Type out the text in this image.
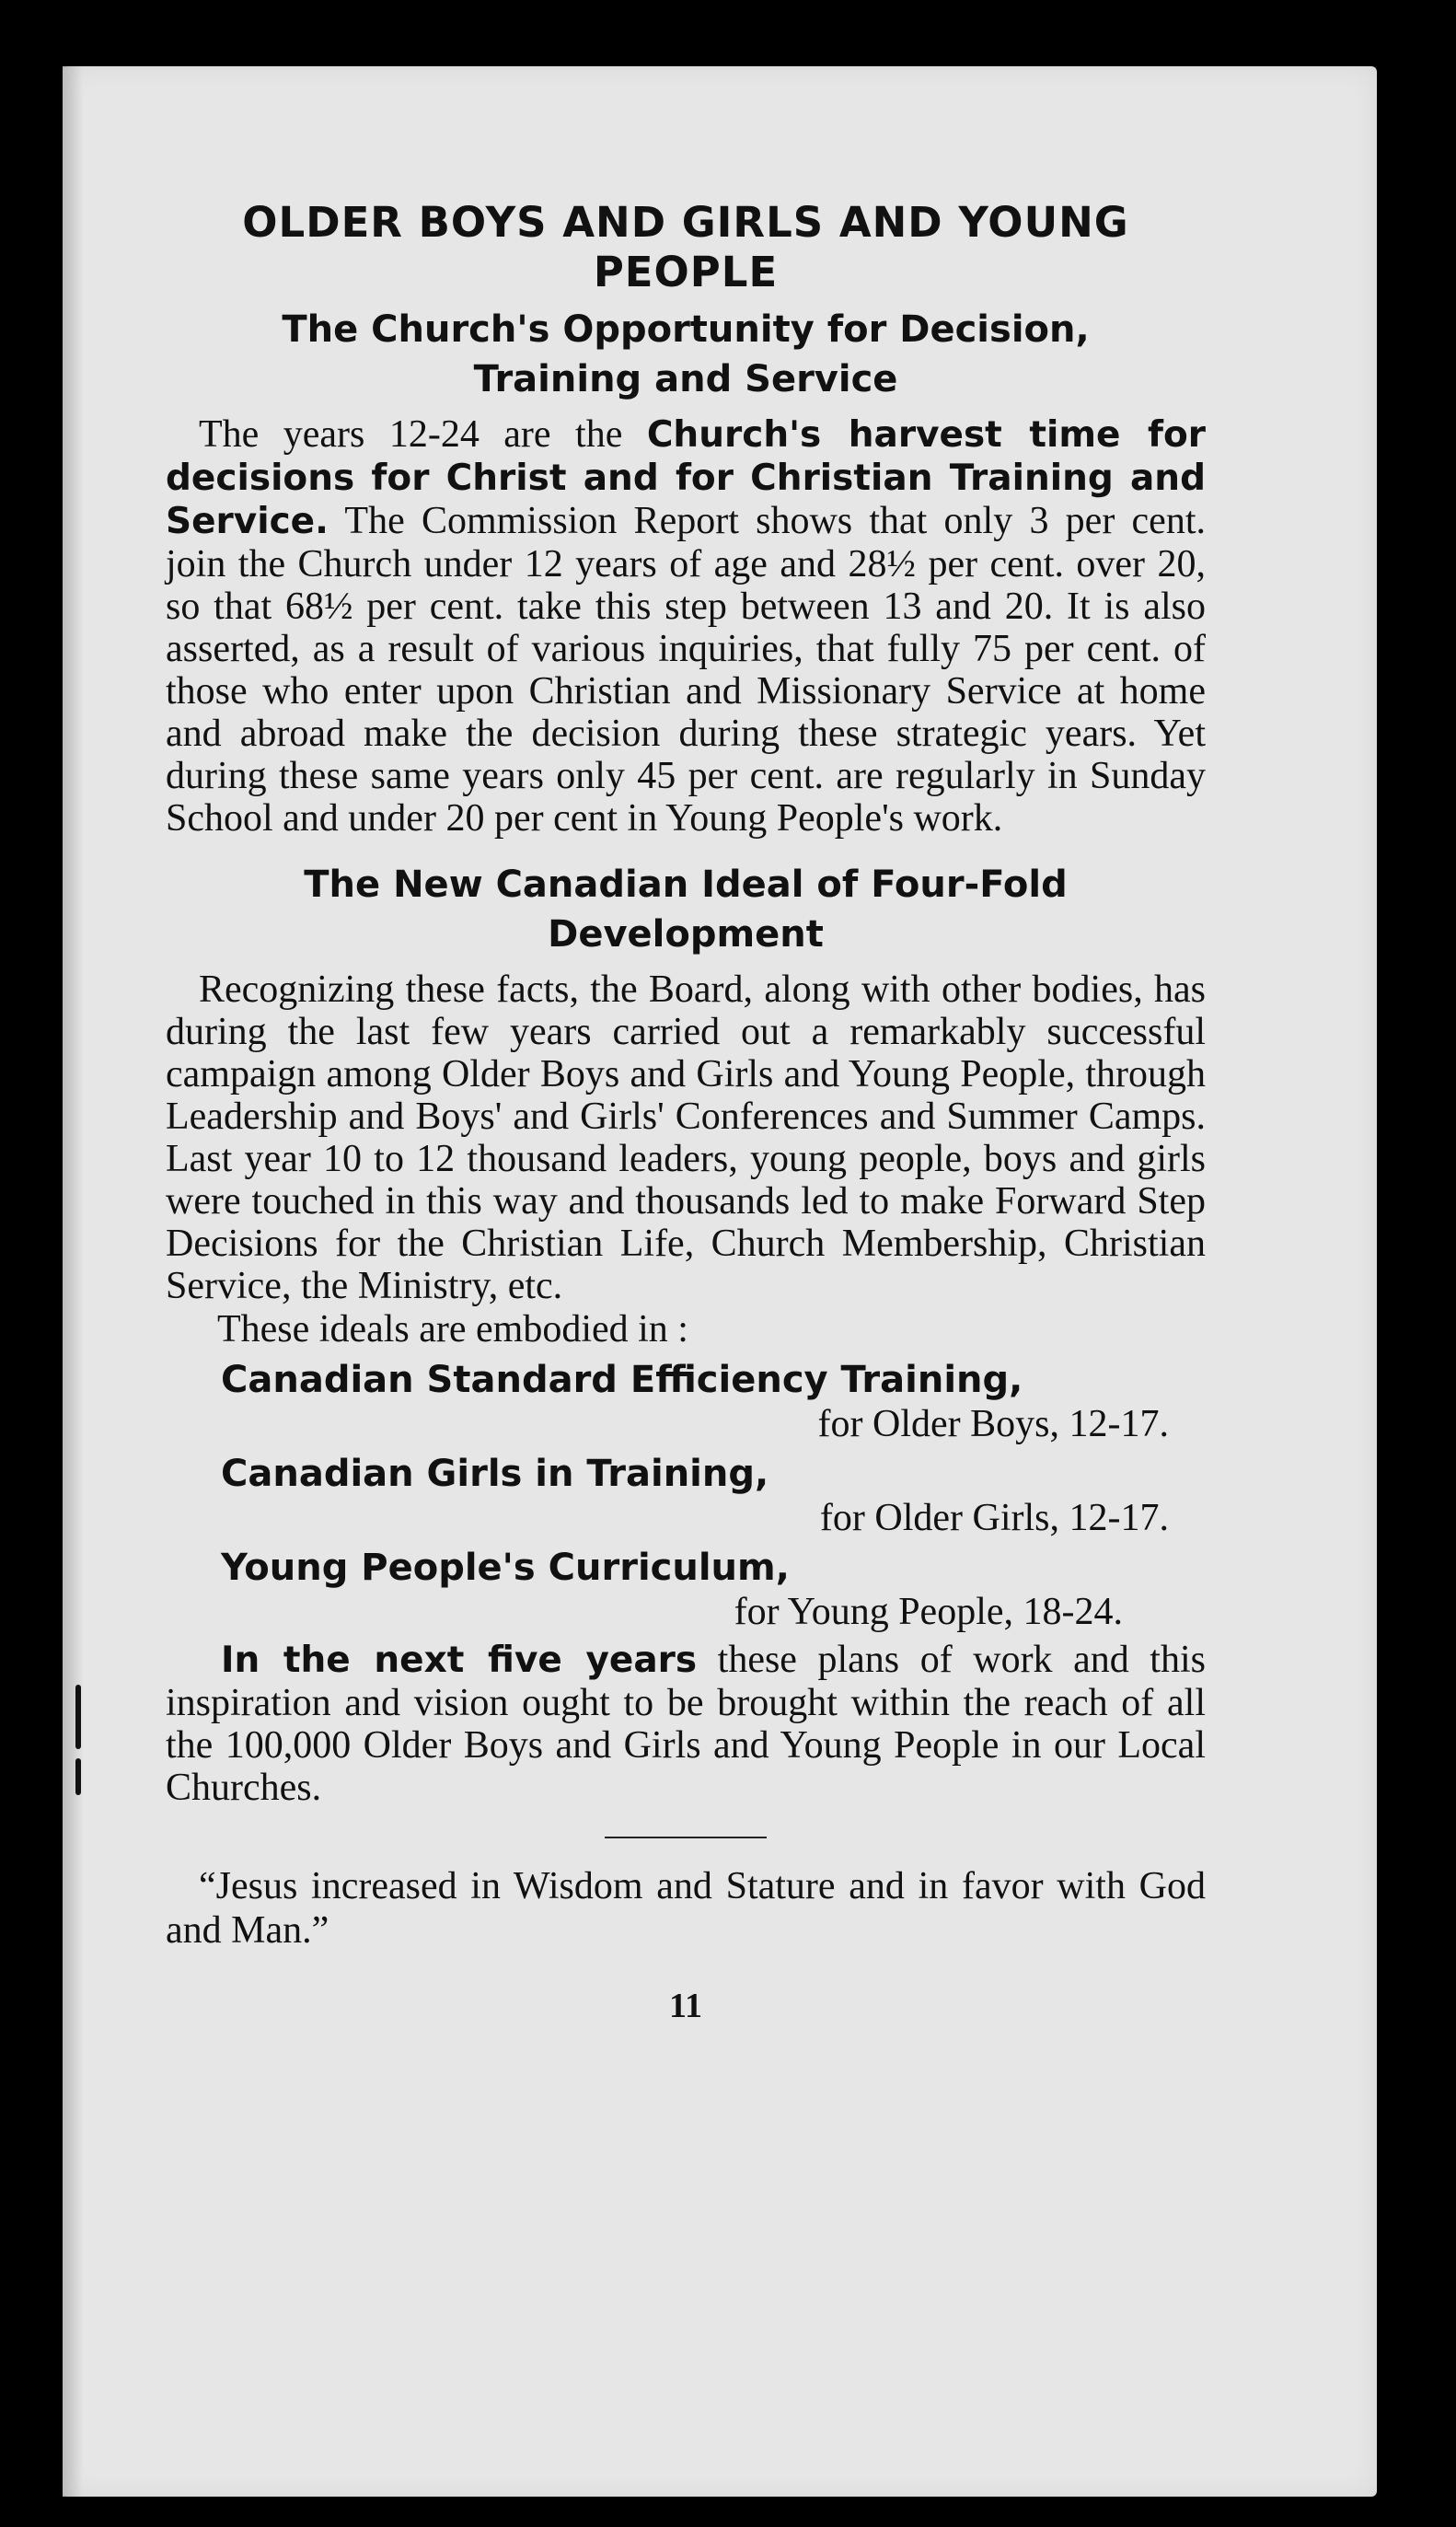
OLDER BOYS AND GIRLS AND YOUNG
PEOPLE
The Church's Opportunity for Decision,
Training and Service

The years 12-24 are the Church's harvest time for decisions for Christ and for Christian Training and Service. The Commission Report shows that only 3 per cent. join the Church under 12 years of age and 28½ per cent. over 20, so that 68½ per cent. take this step between 13 and 20. It is also asserted, as a result of various inquiries, that fully 75 per cent. of those who enter upon Christian and Missionary Service at home and abroad make the decision during these strategic years. Yet during these same years only 45 per cent. are regularly in Sunday School and under 20 per cent in Young People's work.

The New Canadian Ideal of Four-Fold
Development

Recognizing these facts, the Board, along with other bodies, has during the last few years carried out a remarkably successful campaign among Older Boys and Girls and Young People, through Leadership and Boys' and Girls' Conferences and Summer Camps. Last year 10 to 12 thousand leaders, young people, boys and girls were touched in this way and thousands led to make Forward Step Decisions for the Christian Life, Church Membership, Christian Service, the Ministry, etc.

These ideals are embodied in :

Canadian Standard Efficiency Training,

for Older Boys, 12-17.

Canadian Girls in Training,

for Older Girls, 12-17.

Young People's Curriculum,

for Young People, 18-24.

In the next five years these plans of work and this inspiration and vision ought to be brought within the reach of all the 100,000 Older Boys and Girls and Young People in our Local Churches.

“Jesus increased in Wisdom and Stature and in favor with God and Man.”

11
